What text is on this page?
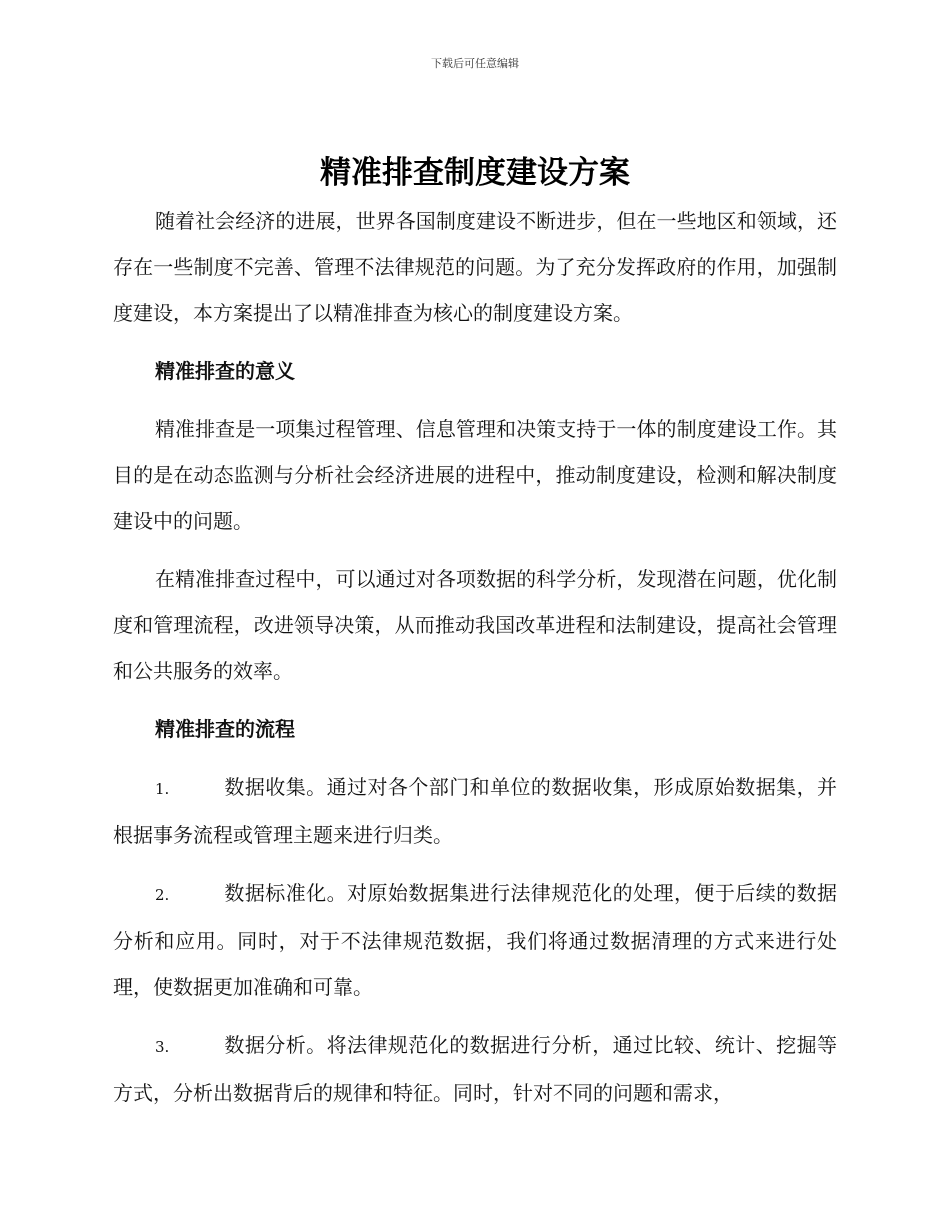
下载后可任意编辑
精准排查制度建设方案

随着社会经济的进展，世界各国制度建设不断进步，但在一些地区和领域，还存在一些制度不完善、管理不法律规范的问题。为了充分发挥政府的作用，加强制度建设，本方案提出了以精准排查为核心的制度建设方案。

精准排查的意义

精准排查是一项集过程管理、信息管理和决策支持于一体的制度建设工作。其目的是在动态监测与分析社会经济进展的进程中，推动制度建设，检测和解决制度建设中的问题。

在精准排查过程中，可以通过对各项数据的科学分析，发现潜在问题，优化制度和管理流程，改进领导决策，从而推动我国改革进程和法制建设，提高社会管理和公共服务的效率。

精准排查的流程

1.	数据收集。通过对各个部门和单位的数据收集，形成原始数据集，并根据事务流程或管理主题来进行归类。

2.	数据标准化。对原始数据集进行法律规范化的处理，便于后续的数据分析和应用。同时，对于不法律规范数据，我们将通过数据清理的方式来进行处理，使数据更加准确和可靠。

3.	数据分析。将法律规范化的数据进行分析，通过比较、统计、挖掘等方式，分析出数据背后的规律和特征。同时，针对不同的问题和需求，
